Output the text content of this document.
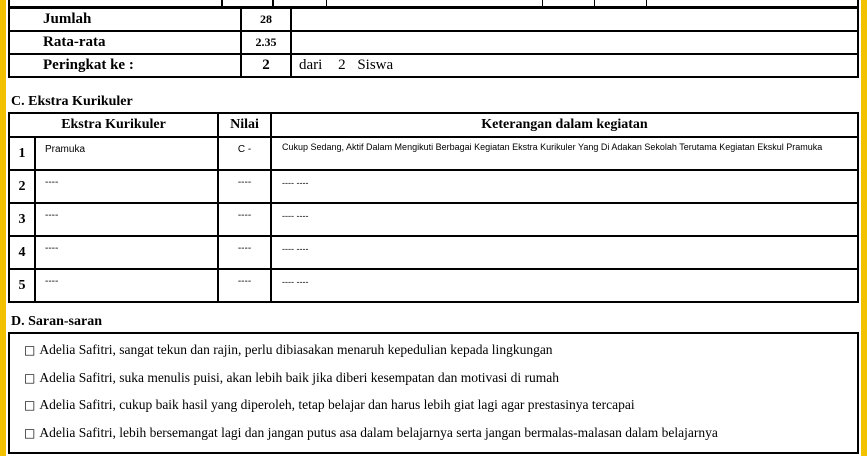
Jumlah	28	
Rata-rata	2.35	
Peringkat ke :	2	dari 2 Siswa
C. Ekstra Kurikuler
Ekstra Kurikuler		Nilai	Keterangan dalam kegiatan
1	Pramuka	C -	Cukup Sedang, Aktif Dalam Mengikuti Berbagai Kegiatan Ekstra Kurikuler Yang Di Adakan Sekolah Terutama Kegiatan Ekskul Pramuka
2	----	----	---- ----
3	----	----	---- ----
4	----	----	---- ----
5	----	----	---- ----
D. Saran-saran
□ Adelia Safitri, sangat tekun dan rajin, perlu dibiasakan menaruh kepedulian kepada lingkungan
□ Adelia Safitri, suka menulis puisi, akan lebih baik jika diberi kesempatan dan motivasi di rumah
□ Adelia Safitri, cukup baik hasil yang diperoleh, tetap belajar dan harus lebih giat lagi agar prestasinya tercapai
□ Adelia Safitri, lebih bersemangat lagi dan jangan putus asa dalam belajarnya serta jangan bermalas-malasan dalam belajarnya
